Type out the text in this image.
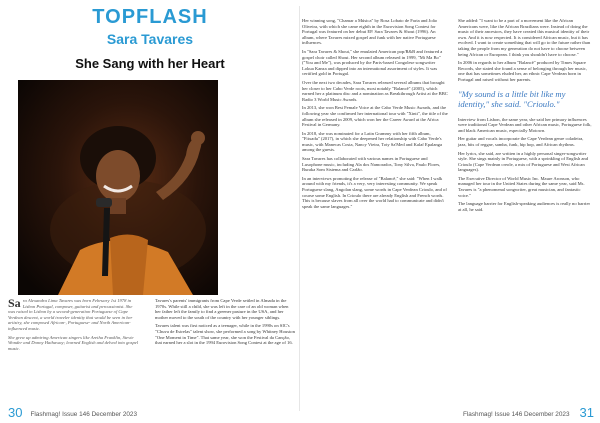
TOPFLASH
Sara Tavares
She Sang with her Heart

Sa ra Alexandra Lima Tavares was born February 1st 1978 in Lisbon Portugal, composer, guitarist and percussionist. She was raised in Lisbon by a second-generation Portuguese of Cape Verdean descent, a world traveler identity that would be seen in her artistry, she composed African-, Portuguese- and North American-influenced music.

She grew up admiring American singers like Aretha Franklin, Stevie Wonder and Donny Hathaway; learned English and delved into gospel music.

Tavares's parents' immigrants from Cape Verde settled in Almada in the 1970s. While still a child, she was left in the care of an old woman when her father left the family to find a greener pasture in the USA, and her mother moved to the south of the country with her younger siblings.

Tavares talent was first noticed as a teenager, while in the 1990s on SIC's "Chuva de Estrelas" talent show, she performed a song by Whitney Houston "One Moment in Time". That same year, she won the Festival da Canção, that earned her a slot in the 1994 Eurovision Song Contest at the age of 16.

30 Flashmag! Issue 146 December 2023

She added: "I want to be a part of a movement like the African Americans were, like the African Brazilians were. Instead of doing the music of their ancestors, they have created this musical identity of their own. And it is now respected. It is considered African music, but it has evolved. I want to create something that will go to the future rather than taking the people from my generation do not have to choose between being African or European. I think you shouldn't have to choose."

In 2006 in regards to her album "Balancê" produced by Times Square Records, she stated she found a sense of belonging through her music, one that has sometimes eluded her, an ethnic Cape Verdean born in Portugal and raised without her parents.

"My sound is a little bit like my identity," she said. "Crioulo."

Interview from Lisbon, the same year, she said her primary influences were traditional Cape Verdean and other African music, Portuguese folk, and black American music, especially Motown.

Her guitar and vocals incorporate the Cape Verdean genre coladeira, jazz, bits of reggae, samba, funk, hip hop, and African rhythms.

Her lyrics, she said, are written in a highly personal singer-songwriter style. She sings mainly in Portuguese, with a sprinkling of English and Crioulo (Cape Verdean creole, a mix of Portuguese and West African languages).

The Executive Director of World Music Inc. Maure Aronson, who managed her tour in the United States during the same year, said Ms. Tavares is "a phenomenal songwriter, great musician, and fantastic voice."

The language barrier for English-speaking audiences is really no barrier at all, he said.

Flashmag! Issue 146 December 2023 31

Her winning song, "Chamar a Música" by Rosa Lobato de Faria and João Oliveira, with which she came eighth in the Eurovision Song Contest for Portugal was featured on her debut EP. Sara Tavares & Shout (1996). An album, where Tavares mixed gospel and funk with her native Portuguese influences.

In "Sara Tavares & Shout," she emulated American pop/R&B and featured a gospel choir called Shout. Her second album released in 1999, "Mi Ma Bo" ("You and Me"), was produced by the Paris-based Congolese songwriter Lokua Kanza and dipped into an international assortment of styles. It was certified gold in Portugal.

Over the next two decades, Sara Tavares released several albums that brought her closer to her Cabo Verde roots, most notably "Balancê" (2005), which earned her a platinum disc and a nomination as Breakthrough Artist at the BBC Radio 3 World Music Awards.

In 2013, she won Best Female Voice at the Cabo Verde Music Awards, and the following year she confirmed her international tour with "Xinti", the title of the album she released in 2009, which won her the Career Award at the Africa Festival in Germany.

In 2018, she was nominated for a Latin Grammy with her fifth album, "Fitxadu" (2017), in which she deepened her relationship with Cabo Verde's music, with Manecas Costa, Nancy Vieira, Toty Sa'Med and Kalaf Epalanga among the guests.

Sara Tavares has collaborated with various names in Portuguese and Lusophone music, including Ala dos Namorados, Tony Silva, Paulo Flores, Buraka Som Sistema and Carlão.

In an interviews promoting the release of "Balancê," she said: "When I walk around with my friends, it's a very, very interesting community. We speak Portuguese slang, Angolan slang, some words in Cape Verdean Crioulo, and of course some English. In Crioulo there are already English and French words. This is because slaves from all over the world had to communicate and didn't speak the same languages."
